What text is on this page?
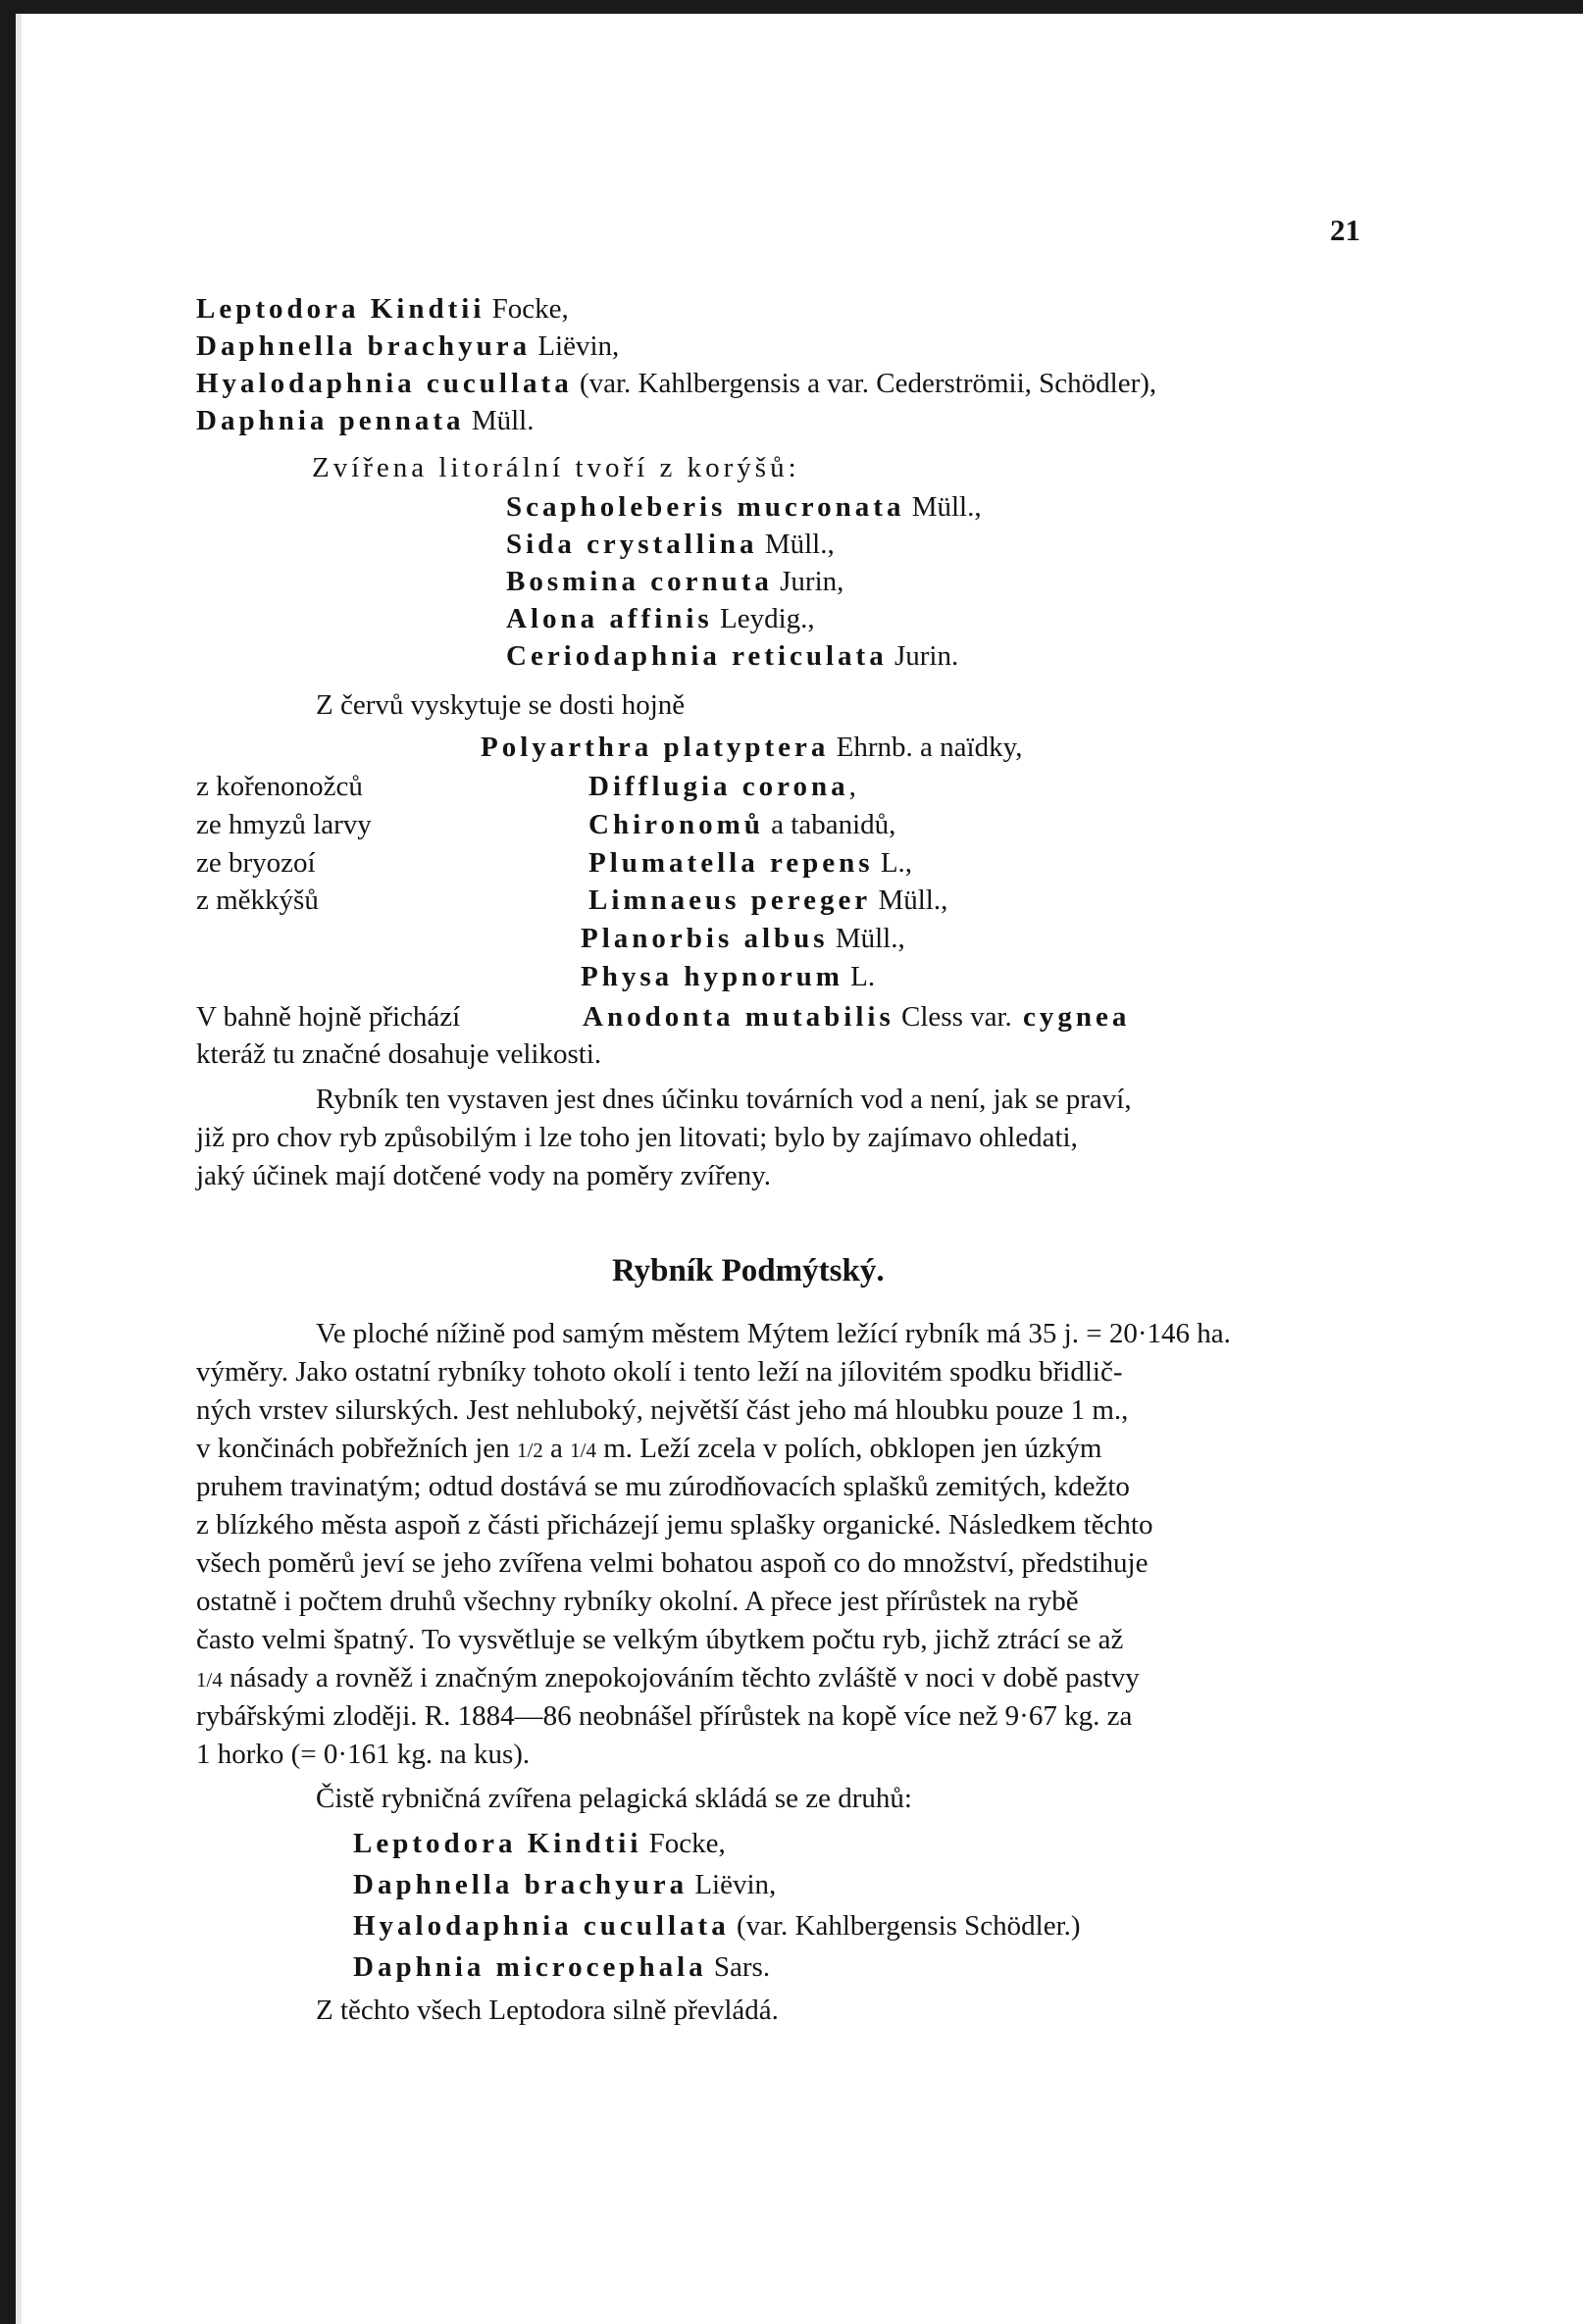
21
Leptodora Kindtii Focke,
Daphnella brachyura Liëvin,
Hyalodaphnia cucullata (var. Kahlbergensis a var. Cederströmii, Schödler),
Daphnia pennata Müll.
Zvířena litorální tvoří z korýšů:
Scapholeberis mucronata Müll.,
Sida crystallina Müll.,
Bosmina cornuta Jurin,
Alona affinis Leydig.,
Ceriodaphnia reticulata Jurin.
Z červů vyskytuje se dosti hojně
Polyarthra platyptera Ehrnb. a naïdky,
z kořenonožců	Difflugia corona,
ze hmyzů larvy	Chironomů a tabanidů,
ze bryozoí	Plumatella repens L.,
z měkkýšů	Limnaeus pereger Müll.,
Planorbis albus Müll.,
Physa hypnorum L.
V bahně hojně přichází	Anodonta mutabilis Cless var. cygnea
kteráž tu značné dosahuje velikosti.
Rybník ten vystaven jest dnes účinku továrních vod a není, jak se praví,
již pro chov ryb způsobilým i lze toho jen litovati; bylo by zajímavo ohledati,
jaký účinek mají dotčené vody na poměry zvířeny.
Rybník Podmýtský.
Ve ploché nížině pod samým městem Mýtem ležící rybník má 35 j. = 20·146 ha.
výměry. Jako ostatní rybníky tohoto okolí i tento leží na jílovitém spodku břidlič-
ných vrstev silurských. Jest nehluboký, největší část jeho má hloubku pouze 1 m.,
v končinách pobřežních jen 1/2 a 1/4 m. Leží zcela v polích, obklopen jen úzkým
pruhem travinatým; odtud dostává se mu zúrodňovacích splašků zemitých, kdežto
z blízkého města aspoň z části přicházejí jemu splašky organické. Následkem těchto
všech poměrů jeví se jeho zvířena velmi bohatou aspoň co do množství, předstihuje
ostatně i počtem druhů všechny rybníky okolní. A přece jest přírůstek na rybě
často velmi špatný. To vysvětluje se velkým úbytkem počtu ryb, jichž ztrácí se až
1/4 násady a rovněž i značným znepokojováním těchto zvláště v noci v době pastvy
rybářskými zloději. R. 1884—86 neobnášel přírůstek na kopě více než 9·67 kg. za
1 horko (= 0·161 kg. na kus).
Čistě rybničná zvířena pelagická skládá se ze druhů:
Leptodora Kindtii Focke,
Daphnella brachyura Liëvin,
Hyalodaphnia cucullata (var. Kahlbergensis Schödler.)
Daphnia microcephala Sars.
Z těchto všech Leptodora silně převládá.
